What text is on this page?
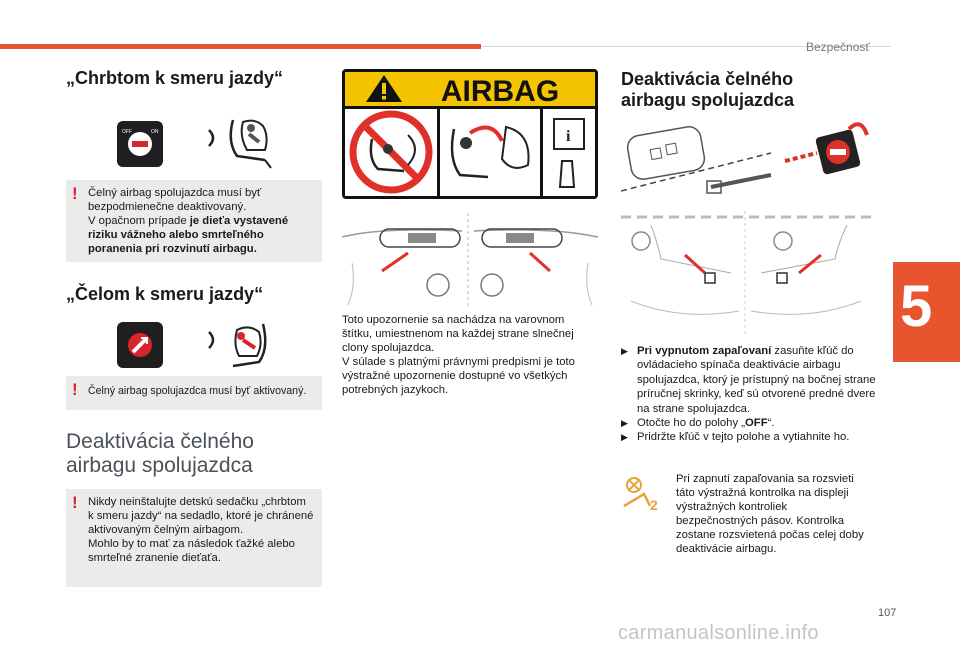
Bezpečnosť
5
„Chrbtom k smeru jazdy“
OFF	ON
! Čelný airbag spolujazdca musí byť bezpodmienečne deaktivovaný.

V opačnom prípade je dieťa vystavené riziku vážneho alebo smrteľného poranenia pri rozvinutí airbagu.

„Čelom k smeru jazdy“
! Čelný airbag spolujazdca musí byť aktivovaný.

Deaktivácia čelného
airbagu spolujazdca
! Nikdy neinštalujte detskú sedačku „chrbtom k smeru jazdy“ na sedadlo, ktoré je chránené aktivovaným čelným airbagom.

Mohlo by to mať za následok ťažké alebo smrteľné zranenie dieťaťa.

AIRBAG
i

Toto upozornenie sa nachádza na varovnom štítku, umiestnenom na každej strane slnečnej clony spolujazdca.

V súlade s platnými právnymi predpismi je toto výstražné upozornenie dostupné vo všetkých potrebných jazykoch.

Deaktivácia čelného
airbagu spolujazdca
▶ Pri vypnutom zapaľovaní zasuňte kľúč do ovládacieho spínača deaktivácie airbagu spolujazdca, ktorý je prístupný na bočnej strane príručnej skrinky, keď sú otvorené predné dvere na strane spolujazdca.
▶ Otočte ho do polohy „OFF“.
▶ Pridržte kľúč v tejto polohe a vytiahnite ho.
2
Pri zapnutí zapaľovania sa rozsvieti táto výstražná kontrolka na displeji výstražných kontroliek bezpečnostných pásov. Kontrolka zostane rozsvietená počas celej doby deaktivácie airbagu.
107
carmanualsonline.info
